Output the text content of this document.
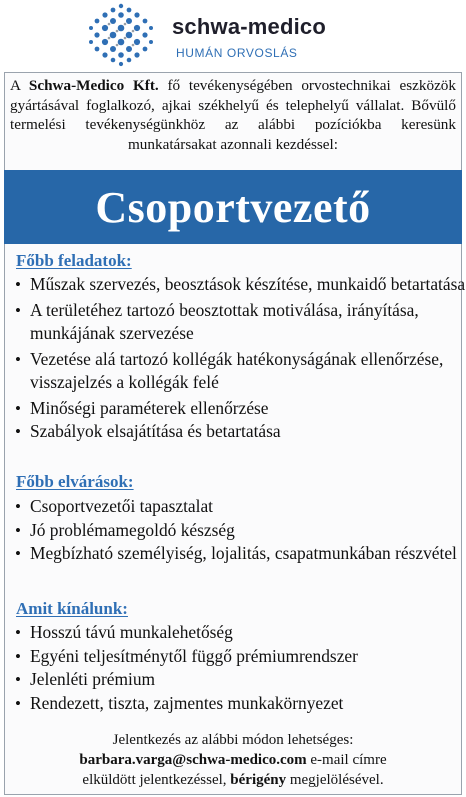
schwa-medico
HUMÁN ORVOSLÁS
A Schwa-Medico Kft. fő tevékenységében orvostechnikai eszközök gyártásával foglalkozó, ajkai székhelyű és telephelyű vállalat. Bővülő termelési tevékenységünkhöz az alábbi pozíciókba keresünk munkatársakat azonnali kezdéssel:
Csoportvezető
Főbb feladatok:
• Műszak szervezés, beosztások készítése, munkaidő betartatása
• A területéhez tartozó beosztottak motiválása, irányítása, munkájának szervezése
• Vezetése alá tartozó kollégák hatékonyságának ellenőrzése, visszajelzés a kollégák felé
• Minőségi paraméterek ellenőrzése
• Szabályok elsajátítása és betartatása
Főbb elvárások:
• Csoportvezetői tapasztalat
• Jó problémamegoldó készség
• Megbízható személyiség, lojalitás, csapatmunkában részvétel
Amit kínálunk:
• Hosszú távú munkalehetőség
• Egyéni teljesítménytől függő prémiumrendszer
• Jelenléti prémium
• Rendezett, tiszta, zajmentes munkakörnyezet
Jelentkezés az alábbi módon lehetséges:
barbara.varga@schwa-medico.com e-mail címre
elküldött jelentkezéssel, bérigény megjelölésével.
